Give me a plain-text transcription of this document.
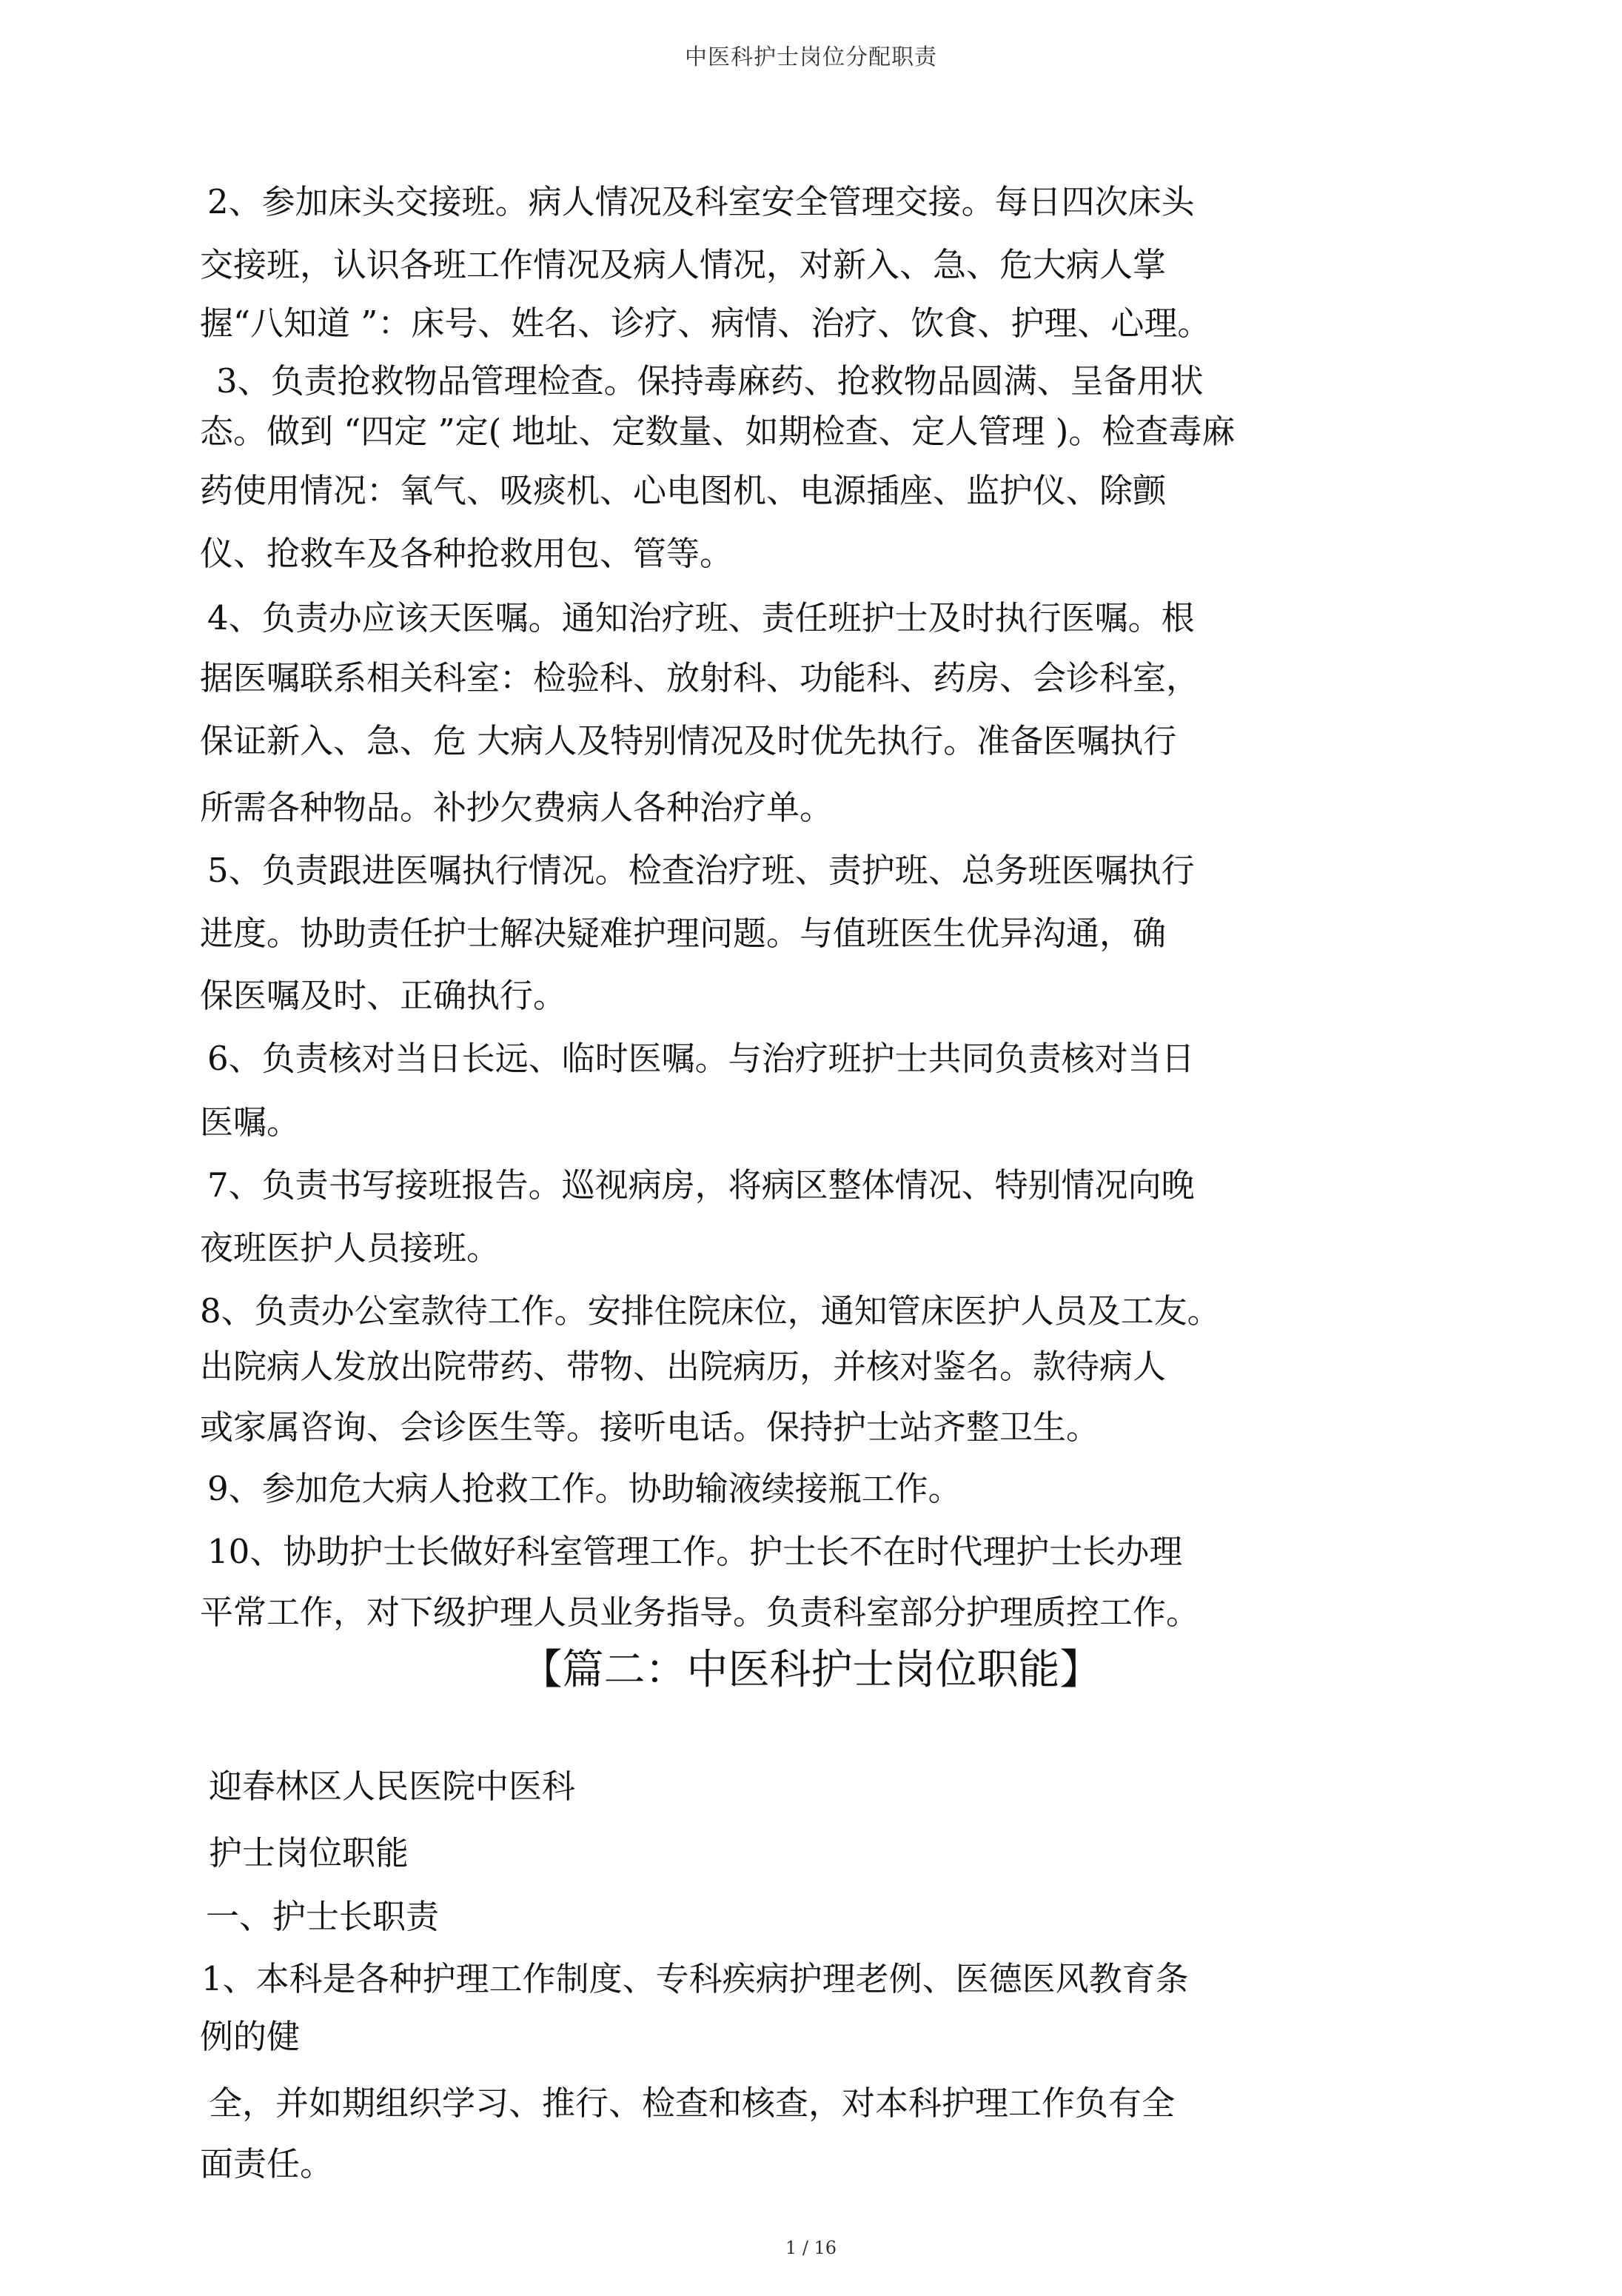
中医科护士岗位分配职责
2、参加床头交接班。病人情况及科室安全管理交接。每日四次床头
交接班，认识各班工作情况及病人情况，对新入、急、危大病人掌
握“八知道 ”：床号、姓名、诊疗、病情、治疗、饮食、护理、心理。
3、负责抢救物品管理检查。保持毒麻药、抢救物品圆满、呈备用状
态。做到 “四定 ”定( 地址、定数量、如期检查、定人管理 )。检查毒麻
药使用情况：氧气、吸痰机、心电图机、电源插座、监护仪、除颤
仪、抢救车及各种抢救用包、管等。
4、负责办应该天医嘱。通知治疗班、责任班护士及时执行医嘱。根
据医嘱联系相关科室：检验科、放射科、功能科、药房、会诊科室，
保证新入、急、危 大病人及特别情况及时优先执行。准备医嘱执行
所需各种物品。补抄欠费病人各种治疗单。
5、负责跟进医嘱执行情况。检查治疗班、责护班、总务班医嘱执行
进度。协助责任护士解决疑难护理问题。与值班医生优异沟通，确
保医嘱及时、正确执行。
6、负责核对当日长远、临时医嘱。与治疗班护士共同负责核对当日
医嘱。
7、负责书写接班报告。巡视病房，将病区整体情况、特别情况向晚
夜班医护人员接班。
8、负责办公室款待工作。安排住院床位，通知管床医护人员及工友。
出院病人发放出院带药、带物、出院病历，并核对鉴名。款待病人
或家属咨询、会诊医生等。接听电话。保持护士站齐整卫生。
9、参加危大病人抢救工作。协助输液续接瓶工作。
10、协助护士长做好科室管理工作。护士长不在时代理护士长办理
平常工作，对下级护理人员业务指导。负责科室部分护理质控工作。
【篇二：中医科护士岗位职能】
迎春林区人民医院中医科
护士岗位职能
一、护士长职责
1、本科是各种护理工作制度、专科疾病护理老例、医德医风教育条
例的健
全，并如期组织学习、推行、检查和核查，对本科护理工作负有全
面责任。
1 / 16
